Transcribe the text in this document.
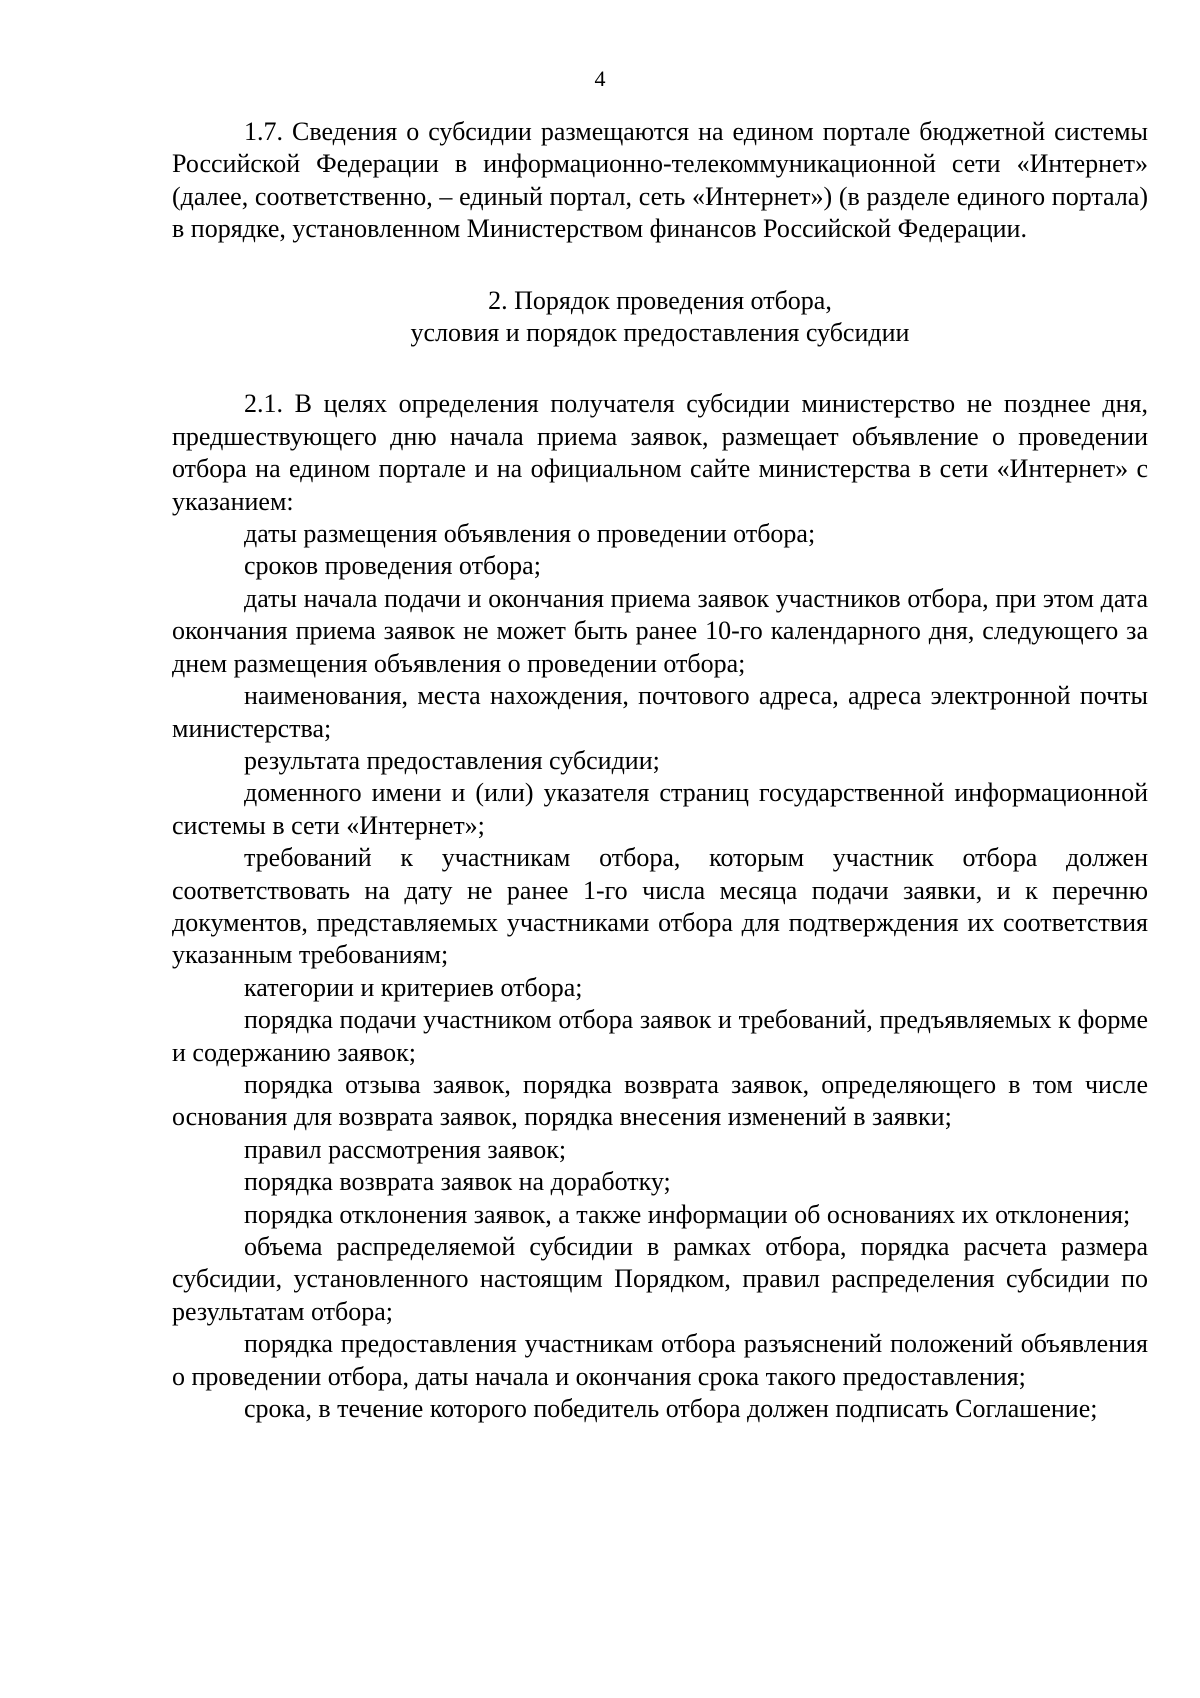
4

1.7. Сведения о субсидии размещаются на едином портале бюджетной системы Российской Федерации в информационно-телекоммуникационной сети «Интернет» (далее, соответственно, – единый портал, сеть «Интернет») (в разделе единого портала) в порядке, установленном Министерством финансов Российской Федерации.

2. Порядок проведения отбора,
условия и порядок предоставления субсидии

2.1. В целях определения получателя субсидии министерство не позднее дня, предшествующего дню начала приема заявок, размещает объявление о проведении отбора на едином портале и на официальном сайте министерства в сети «Интернет» с указанием:

даты размещения объявления о проведении отбора;

сроков проведения отбора;

даты начала подачи и окончания приема заявок участников отбора, при этом дата окончания приема заявок не может быть ранее 10-го календарного дня, следующего за днем размещения объявления о проведении отбора;

наименования, места нахождения, почтового адреса, адреса электронной почты министерства;

результата предоставления субсидии;

доменного имени и (или) указателя страниц государственной информационной системы в сети «Интернет»;

требований к участникам отбора, которым участник отбора должен соответствовать на дату не ранее 1-го числа месяца подачи заявки, и к перечню документов, представляемых участниками отбора для подтверждения их соответствия указанным требованиям;

категории и критериев отбора;

порядка подачи участником отбора заявок и требований, предъявляемых к форме и содержанию заявок;

порядка отзыва заявок, порядка возврата заявок, определяющего в том числе основания для возврата заявок, порядка внесения изменений в заявки;

правил рассмотрения заявок;

порядка возврата заявок на доработку;

порядка отклонения заявок, а также информации об основаниях их отклонения;

объема распределяемой субсидии в рамках отбора, порядка расчета размера субсидии, установленного настоящим Порядком, правил распределения субсидии по результатам отбора;

порядка предоставления участникам отбора разъяснений положений объявления о проведении отбора, даты начала и окончания срока такого предоставления;

срока, в течение которого победитель отбора должен подписать Соглашение;
